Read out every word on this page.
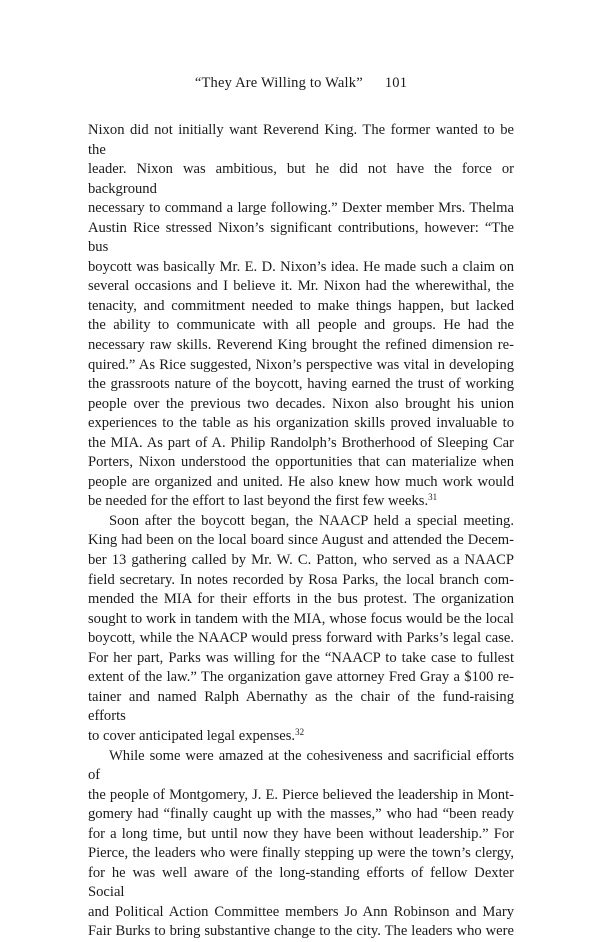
“They Are Willing to Walk” 101

Nixon did not initially want Reverend King. The former wanted to be the

leader. Nixon was ambitious, but he did not have the force or background

necessary to command a large following.” Dexter member Mrs. Thelma

Austin Rice stressed Nixon’s significant contributions, however: “The bus

boycott was basically Mr. E. D. Nixon’s idea. He made such a claim on

several occasions and I believe it. Mr. Nixon had the wherewithal, the

tenacity, and commitment needed to make things happen, but lacked

the ability to communicate with all people and groups. He had the

necessary raw skills. Reverend King brought the refined dimension re-

quired.” As Rice suggested, Nixon’s perspective was vital in developing

the grassroots nature of the boycott, having earned the trust of working

people over the previous two decades. Nixon also brought his union

experiences to the table as his organization skills proved invaluable to

the MIA. As part of A. Philip Randolph’s Brotherhood of Sleeping Car

Porters, Nixon understood the opportunities that can materialize when

people are organized and united. He also knew how much work would

be needed for the effort to last beyond the first few weeks.$^{31}$

Soon after the boycott began, the NAACP held a special meeting.

King had been on the local board since August and attended the Decem-

ber 13 gathering called by Mr. W. C. Patton, who served as a NAACP

field secretary. In notes recorded by Rosa Parks, the local branch com-

mended the MIA for their efforts in the bus protest. The organization

sought to work in tandem with the MIA, whose focus would be the local

boycott, while the NAACP would press forward with Parks’s legal case.

For her part, Parks was willing for the “NAACP to take case to fullest

extent of the law.” The organization gave attorney Fred Gray a $100 re-

tainer and named Ralph Abernathy as the chair of the fund-raising efforts

to cover anticipated legal expenses.$^{32}$

While some were amazed at the cohesiveness and sacrificial efforts of

the people of Montgomery, J. E. Pierce believed the leadership in Mont-

gomery had “finally caught up with the masses,” who had “been ready

for a long time, but until now they have been without leadership.” For

Pierce, the leaders who were finally stepping up were the town’s clergy,

for he was well aware of the long-standing efforts of fellow Dexter Social

and Political Action Committee members Jo Ann Robinson and Mary

Fair Burks to bring substantive change to the city. The leaders who were
